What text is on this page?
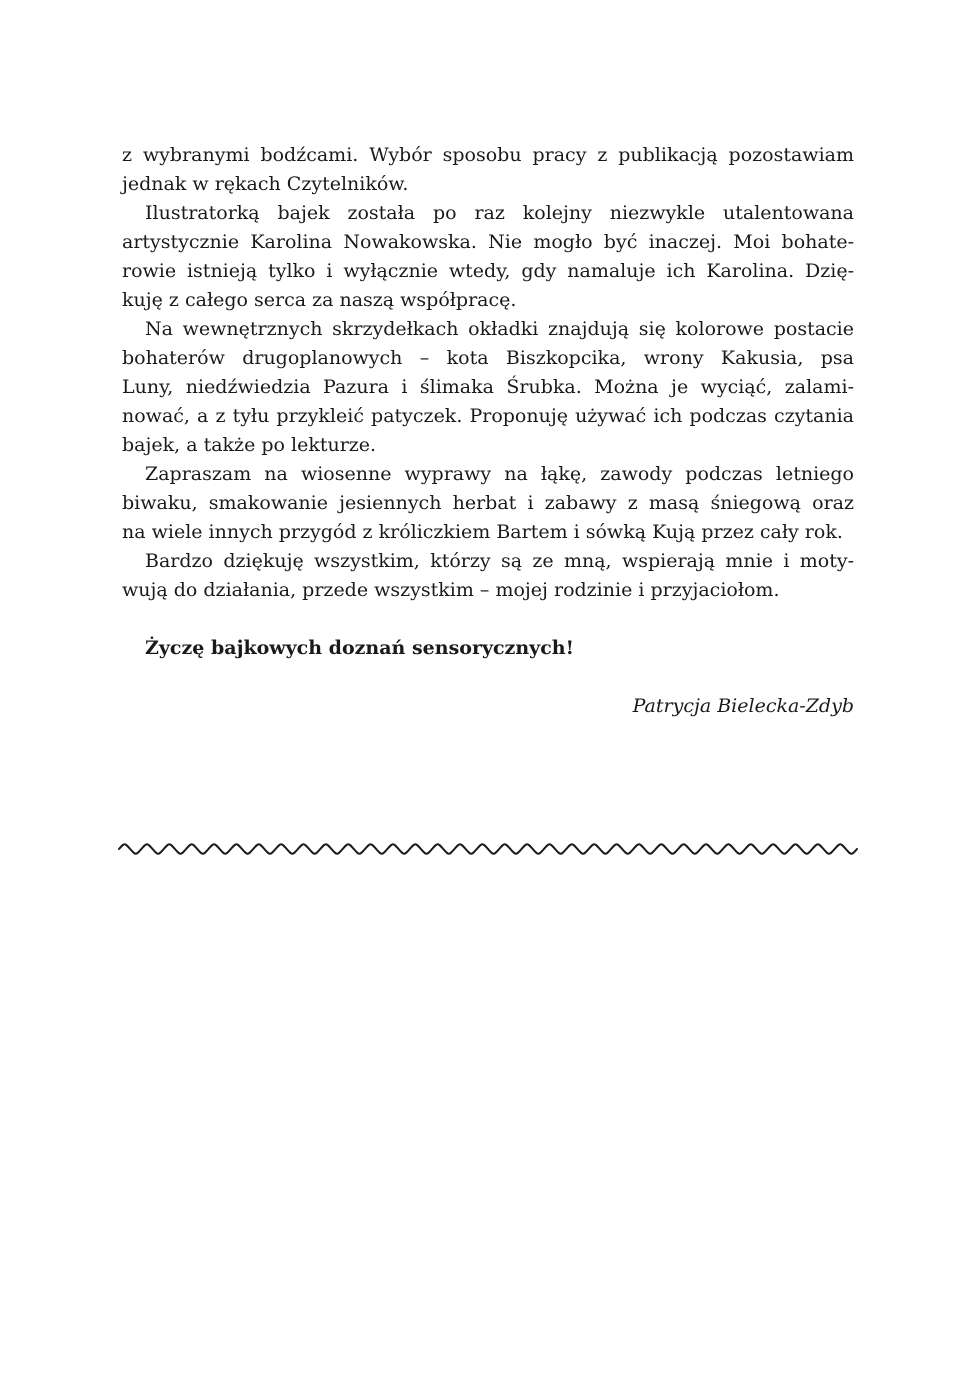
z wybranymi bodźcami. Wybór sposobu pracy z publikacją pozostawiam
jednak w rękach Czytelników.
Ilustratorką bajek została po raz kolejny niezwykle utalentowana
artystycznie Karolina Nowakowska. Nie mogło być inaczej. Moi bohate-
rowie istnieją tylko i wyłącznie wtedy, gdy namaluje ich Karolina. Dzię-
kuję z całego serca za naszą współpracę.
Na wewnętrznych skrzydełkach okładki znajdują się kolorowe postacie
bohaterów drugoplanowych – kota Biszkopcika, wrony Kakusia, psa
Luny, niedźwiedzia Pazura i ślimaka Śrubka. Można je wyciąć, zalami-
nować, a z tyłu przykleić patyczek. Proponuję używać ich podczas czytania
bajek, a także po lekturze.
Zapraszam na wiosenne wyprawy na łąkę, zawody podczas letniego
biwaku, smakowanie jesiennych herbat i zabawy z masą śniegową oraz
na wiele innych przygód z króliczkiem Bartem i sówką Kują przez cały rok.
Bardzo dziękuję wszystkim, którzy są ze mną, wspierają mnie i moty-
wują do działania, przede wszystkim – mojej rodzinie i przyjaciołom.
Życzę bajkowych doznań sensorycznych!
Patrycja Bielecka-Zdyb
